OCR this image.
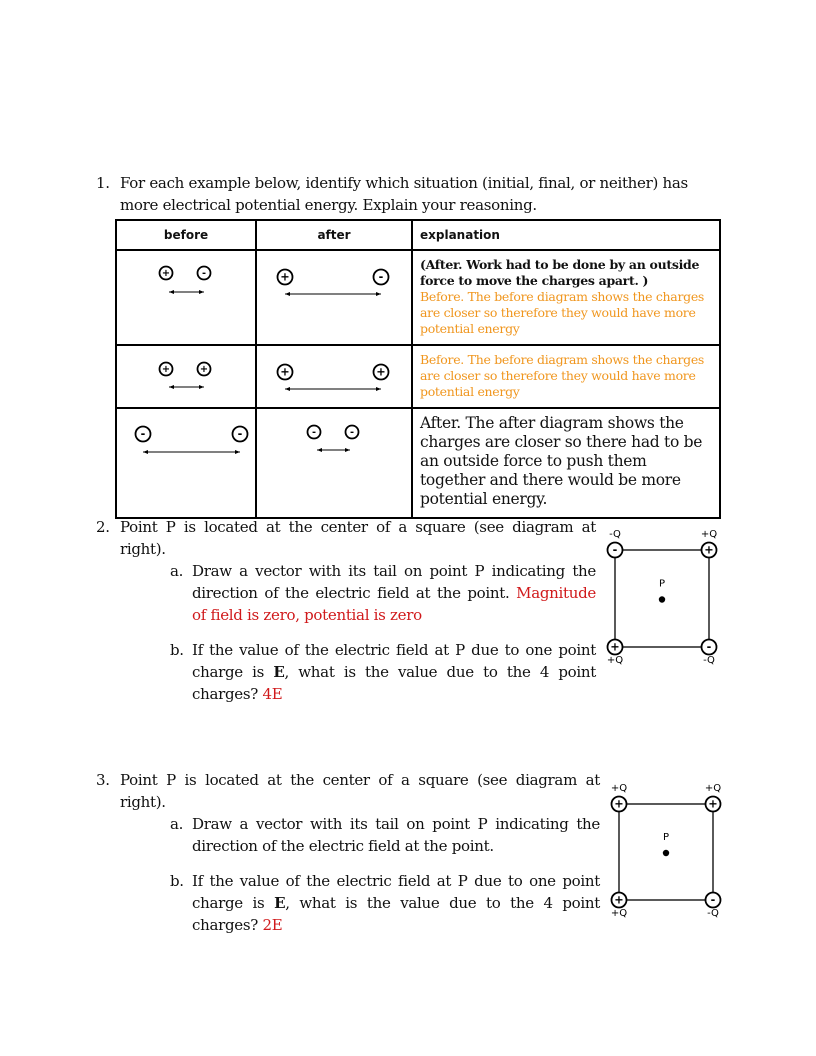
1. For each example below, identify which situation (initial, final, or neither) has
more electrical potential energy. Explain your reasoning.
before	after	explanation

		(After. Work had to be done by an outside force to move the charges apart. )
Before. The before diagram shows the charges are closer so therefore they would have more potential energy

		Before. The before diagram shows the charges are closer so therefore they would have more potential energy

		After. The after diagram shows the charges are closer so there had to be an outside force to push them together and there would be more potential energy.
+	-	+	-
+	+	+	+
-	-	-	-
P
-
-Q
+
+Q
+
+Q
-
-Q
P
+
+Q
+
+Q
+
+Q
-
-Q
2. Point P is located at the center of a square (see diagram at right).
a. Draw a vector with its tail on point P indicating the direction of the electric field at the point. Magnitude of field is zero, potential is zero
b. If the value of the electric field at P due to one point charge is E, what is the value due to the 4 point charges? 4E
3. Point P is located at the center of a square (see diagram at right).
a. Draw a vector with its tail on point P indicating the direction of the electric field at the point.
b. If the value of the electric field at P due to one point charge is E, what is the value due to the 4 point charges? 2E
